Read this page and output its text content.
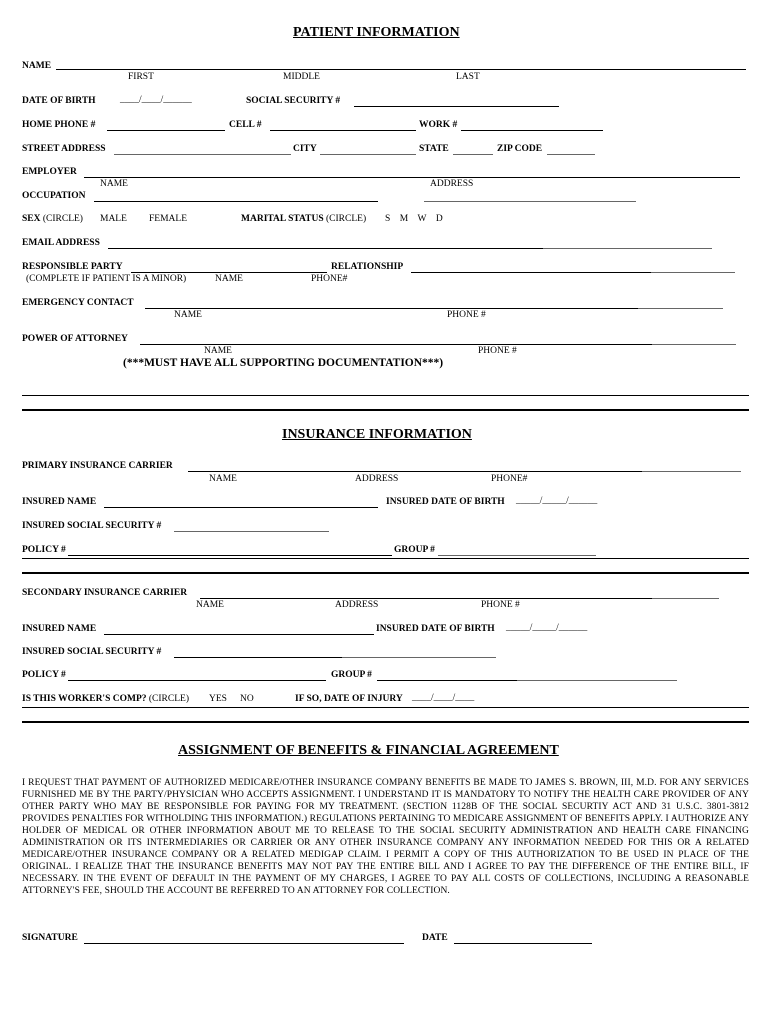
PATIENT INFORMATION
NAME
FIRST	MIDDLE	LAST
DATE OF BIRTH	____/____/______	SOCIAL SECURITY #
HOME PHONE #	CELL #	WORK #
STREET ADDRESS	CITY	STATE	ZIP CODE
EMPLOYER
NAME	ADDRESS
OCCUPATION
SEX (CIRCLE) MALE FEMALE	MARITAL STATUS (CIRCLE) S    M    W    D
EMAIL ADDRESS
RESPONSIBLE PARTY	RELATIONSHIP
(COMPLETE IF PATIENT IS A MINOR)	NAME	PHONE#
EMERGENCY CONTACT
NAME	PHONE #
POWER OF ATTORNEY
NAME	PHONE #
(***MUST HAVE ALL SUPPORTING DOCUMENTATION***)
INSURANCE INFORMATION
PRIMARY INSURANCE CARRIER
NAME	ADDRESS	PHONE#
INSURED NAME	INSURED DATE OF BIRTH _____/_____/______
INSURED SOCIAL SECURITY #
POLICY #	GROUP #
SECONDARY INSURANCE CARRIER
NAME	ADDRESS	PHONE #
INSURED NAME	INSURED DATE OF BIRTH _____/_____/______
INSURED SOCIAL SECURITY #
POLICY #	GROUP #
IS THIS WORKER'S COMP? (CIRCLE) YES NO	IF SO, DATE OF INJURY ____/____/____
ASSIGNMENT OF BENEFITS & FINANCIAL AGREEMENT
I REQUEST THAT PAYMENT OF AUTHORIZED MEDICARE/OTHER INSURANCE COMPANY BENEFITS BE MADE TO JAMES S. BROWN, III, M.D. FOR ANY SERVICES FURNISHED ME BY THE PARTY/PHYSICIAN WHO ACCEPTS ASSIGNMENT. I UNDERSTAND IT IS MANDATORY TO NOTIFY THE HEALTH CARE PROVIDER OF ANY OTHER PARTY WHO MAY BE RESPONSIBLE FOR PAYING FOR MY TREATMENT. (SECTION 1128B OF THE SOCIAL SECURTIY ACT AND 31 U.S.C. 3801-3812 PROVIDES PENALTIES FOR WITHOLDING THIS INFORMATION.) REGULATIONS PERTAINING TO MEDICARE ASSIGNMENT OF BENEFITS APPLY. I AUTHORIZE ANY HOLDER OF MEDICAL OR OTHER INFORMATION ABOUT ME TO RELEASE TO THE SOCIAL SECURITY ADMINISTRATION AND HEALTH CARE FINANCING ADMINISTRATION OR ITS INTERMEDIARIES OR CARRIER OR ANY OTHER INSURANCE COMPANY ANY INFORMATION NEEDED FOR THIS OR A RELATED MEDICARE/OTHER INSURANCE COMPANY OR A RELATED MEDIGAP CLAIM. I PERMIT A COPY OF THIS AUTHORIZATION TO BE USED IN PLACE OF THE ORIGINAL. I REALIZE THAT THE INSURANCE BENEFITS MAY NOT PAY THE ENTIRE BILL AND I AGREE TO PAY THE DIFFERENCE OF THE ENTIRE BILL, IF NECESSARY. IN THE EVENT OF DEFAULT IN THE PAYMENT OF MY CHARGES, I AGREE TO PAY ALL COSTS OF COLLECTIONS, INCLUDING A REASONABLE ATTORNEY'S FEE, SHOULD THE ACCOUNT BE REFERRED TO AN ATTORNEY FOR COLLECTION.
SIGNATURE	DATE
